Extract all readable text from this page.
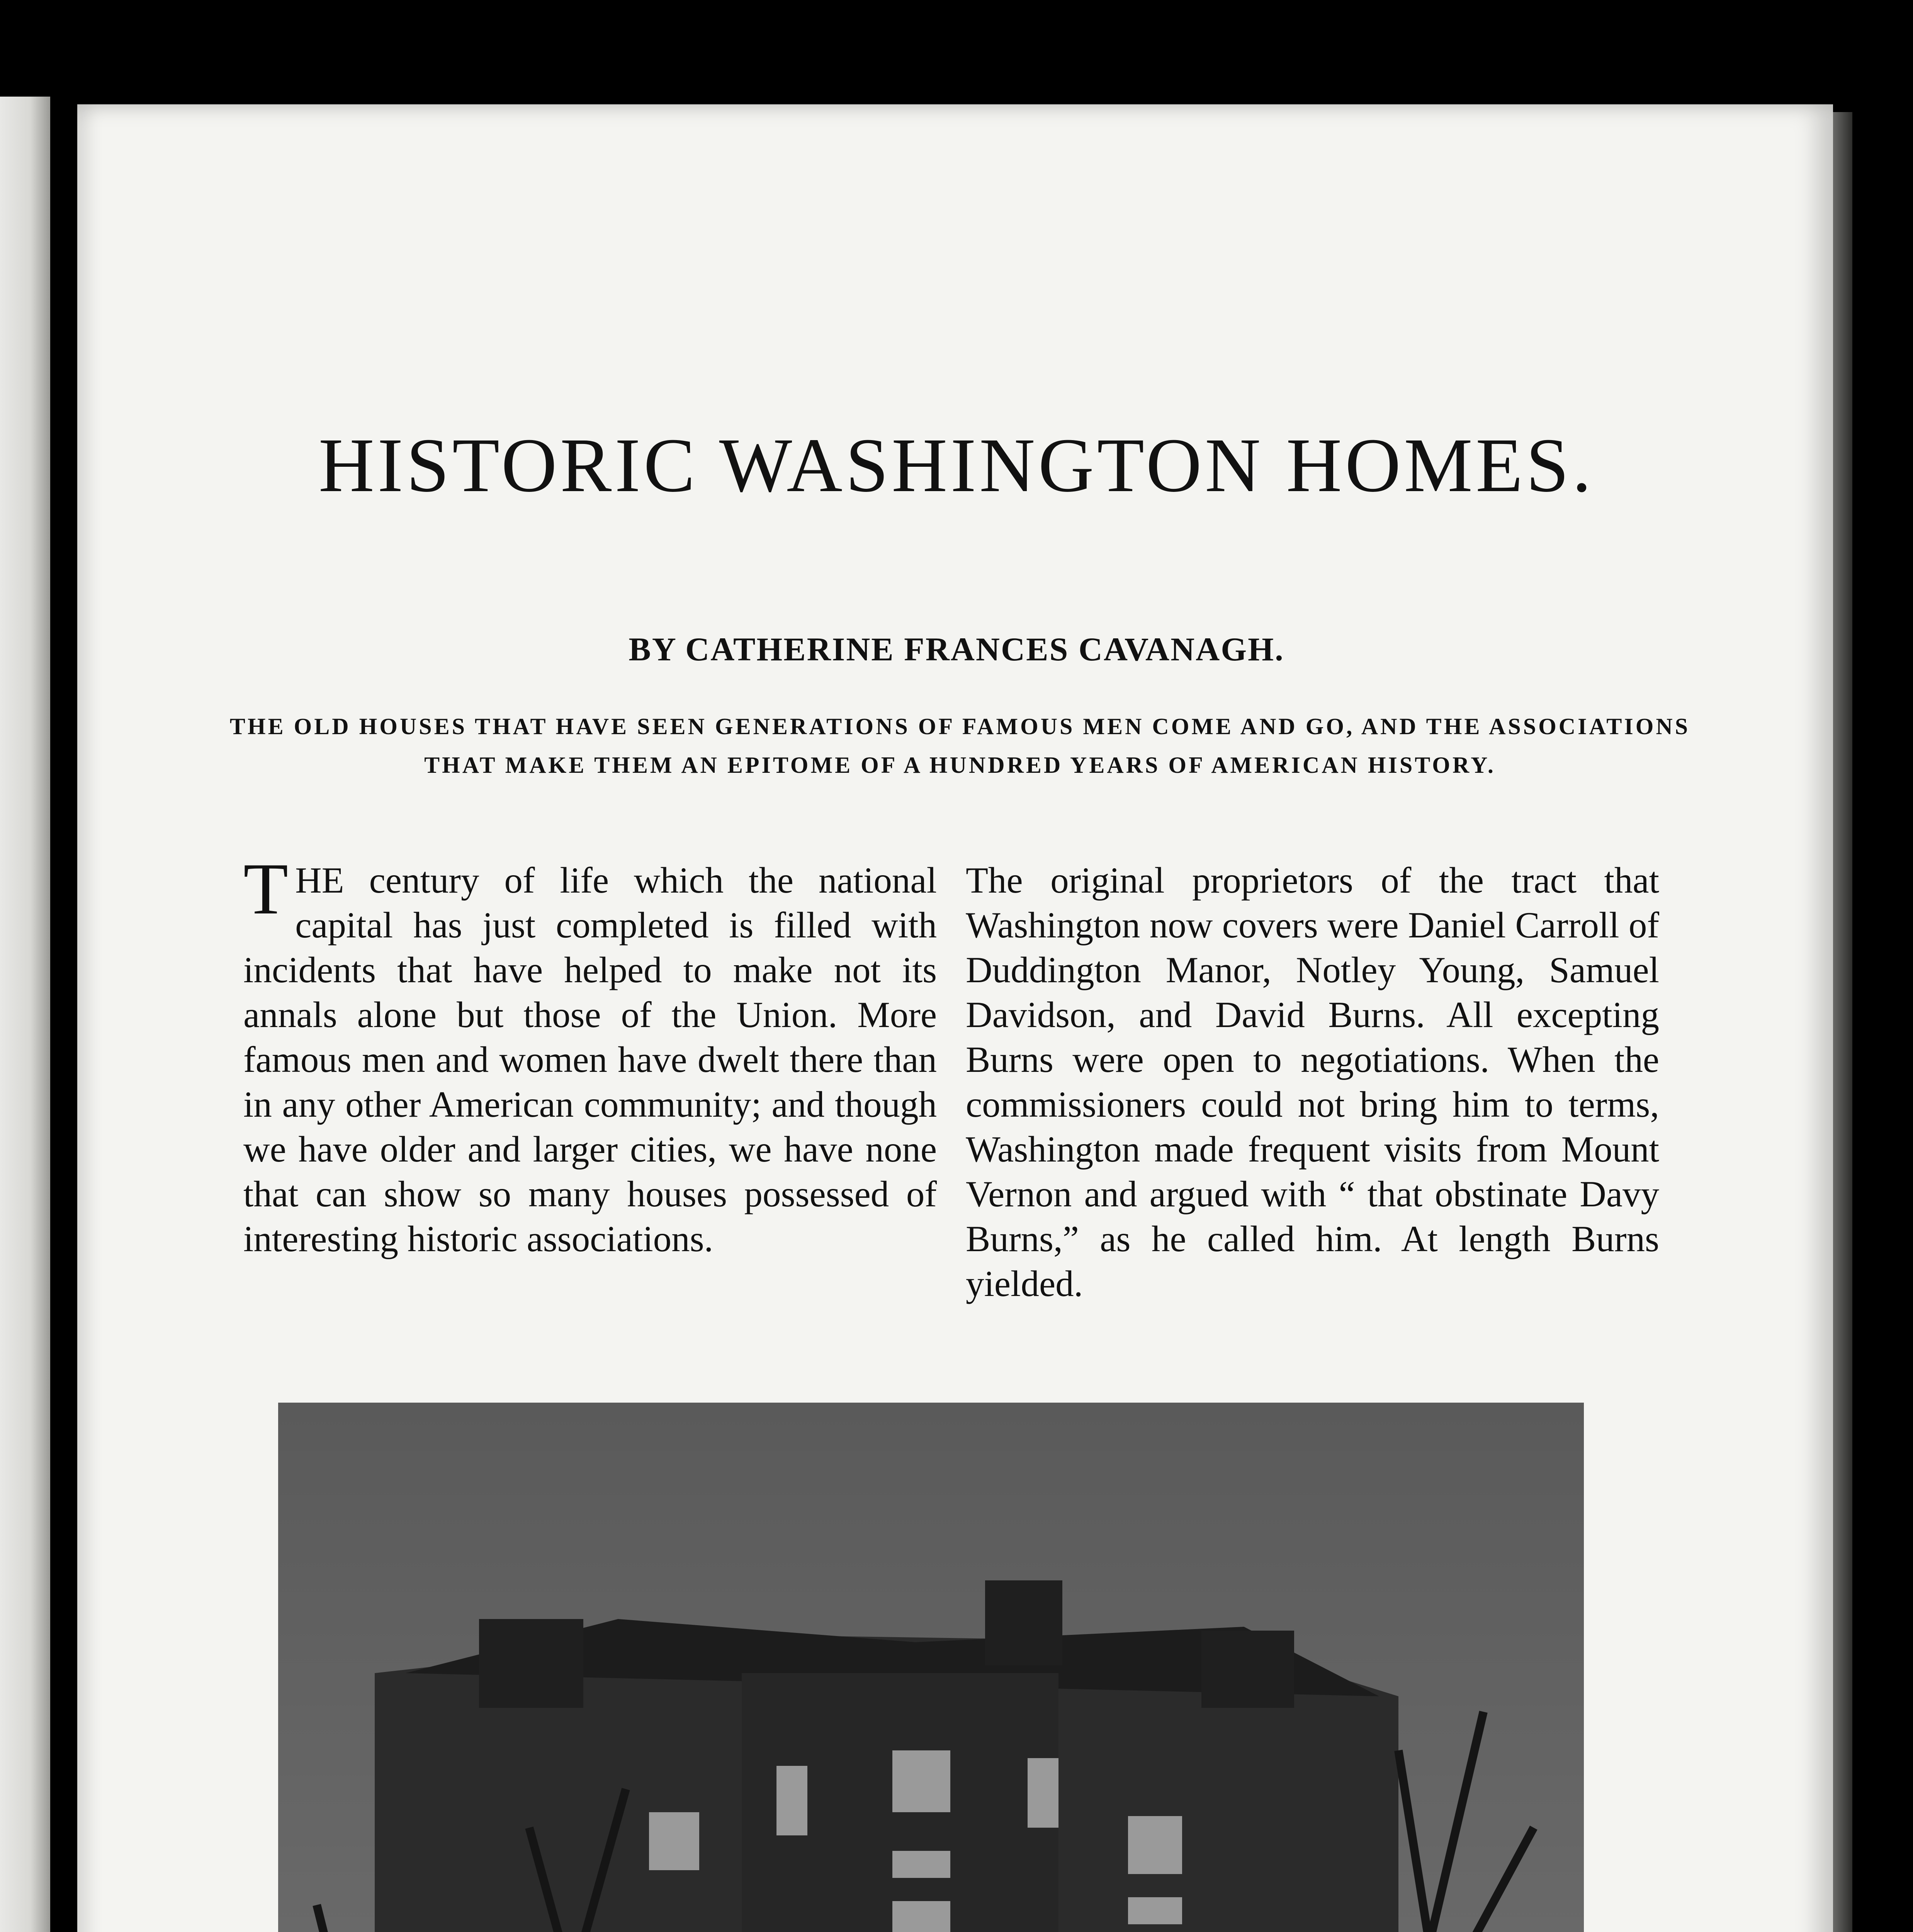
HISTORIC WASHINGTON HOMES.
BY CATHERINE FRANCES CAVANAGH.
THE OLD HOUSES THAT HAVE SEEN GENERATIONS OF FAMOUS MEN COME AND GO, AND THE ASSOCIATIONS THAT MAKE THEM AN EPITOME OF A HUNDRED YEARS OF AMERICAN HISTORY.
THE century of life which the national capital has just completed is filled with incidents that have helped to make not its annals alone but those of the Union. More famous men and women have dwelt there than in any other American community; and though we have older and larger cities, we have none that can show so many houses possessed of interesting historic associations.
The original proprietors of the tract that Washington now covers were Daniel Carroll of Duddington Manor, Notley Young, Samuel Davidson, and David Burns. All excepting Burns were open to negotiations. When the commissioners could not bring him to terms, Washington made frequent visits from Mount Vernon and argued with “ that obstinate Davy Burns,” as he called him. At length Burns yielded.
